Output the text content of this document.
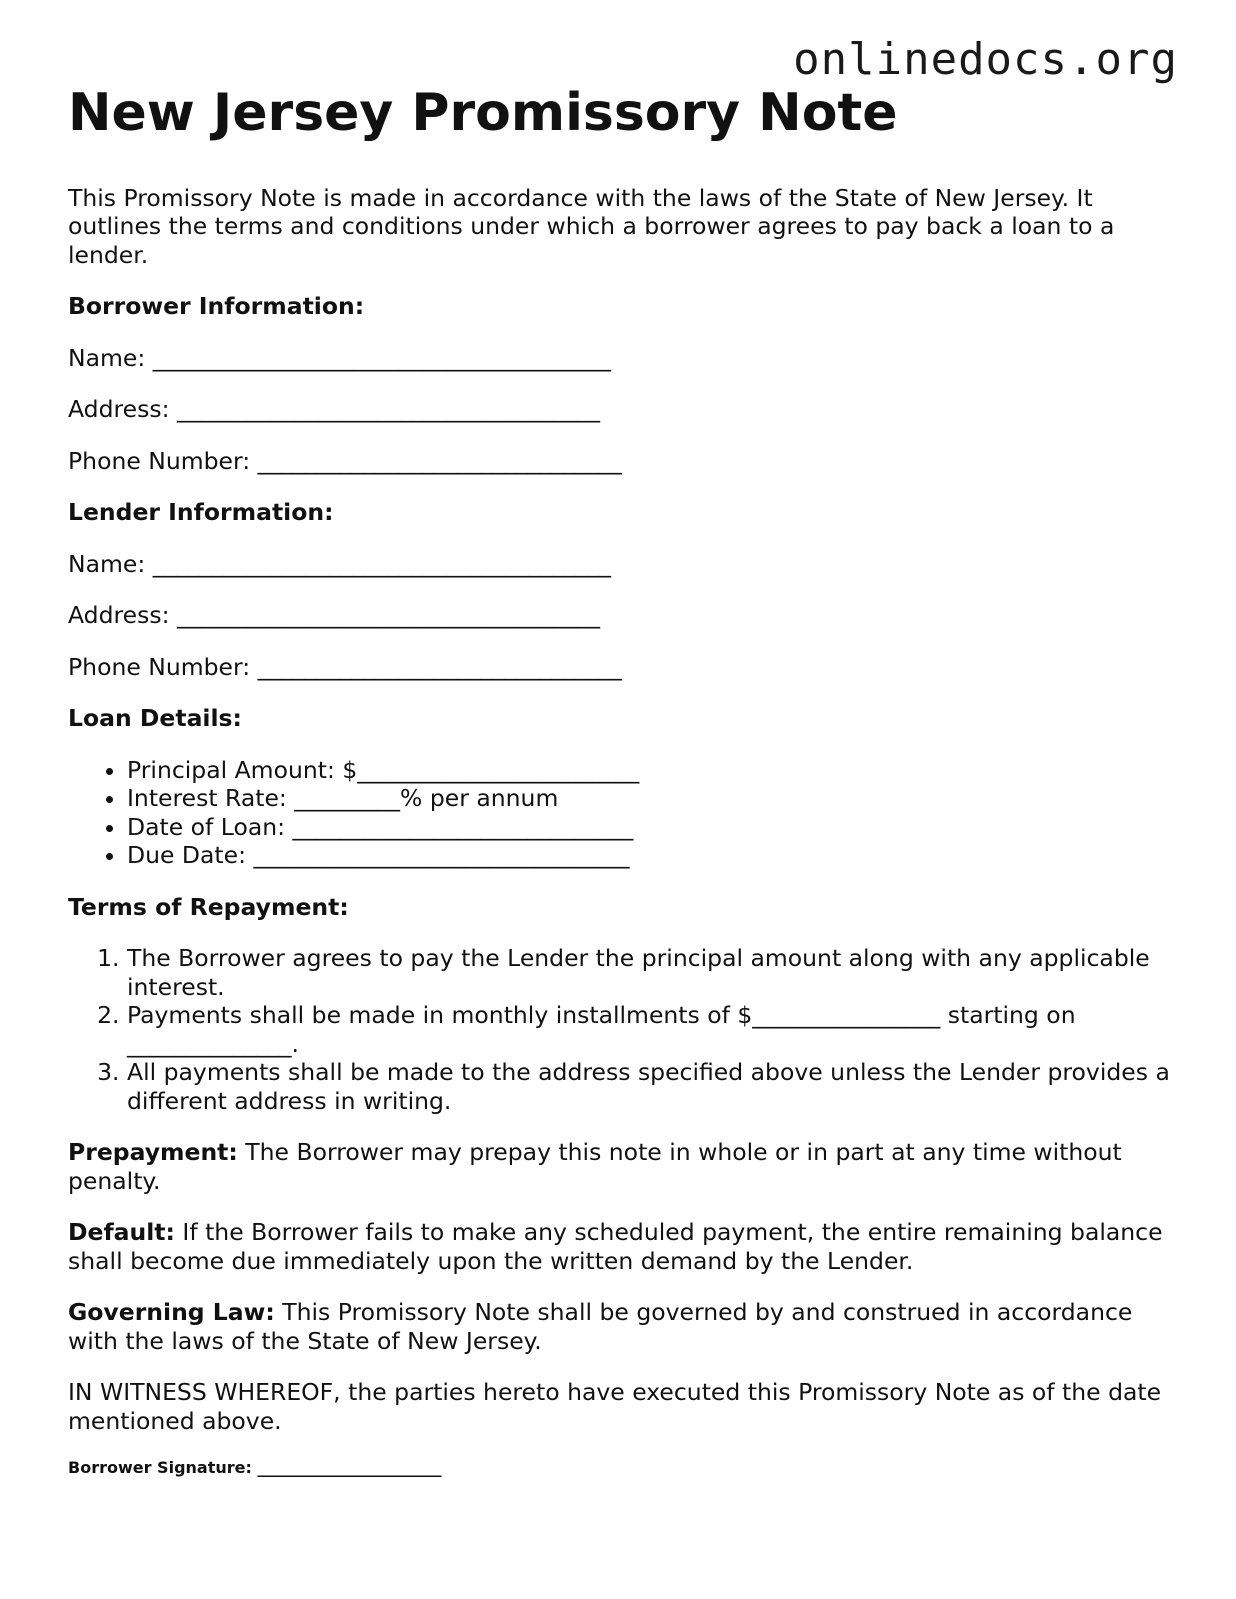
onlinedocs.org
New Jersey Promissory Note

This Promissory Note is made in accordance with the laws of the State of New Jersey. It outlines the terms and conditions under which a borrower agrees to pay back a loan to a lender.

Borrower Information:
Name: _______________________________________
Address: ____________________________________
Phone Number: _______________________________
Lender Information:
Name: _______________________________________
Address: ____________________________________
Phone Number: _______________________________
Loan Details:
• Principal Amount: $________________________
• Interest Rate: _________% per annum
• Date of Loan: _____________________________
• Due Date: ________________________________
Terms of Repayment:
1. The Borrower agrees to pay the Lender the principal amount along with any applicable interest.
2. Payments shall be made in monthly installments of $________________ starting on ______________.
3. All payments shall be made to the address specified above unless the Lender provides a different address in writing.

Prepayment: The Borrower may prepay this note in whole or in part at any time without penalty.

Default: If the Borrower fails to make any scheduled payment, the entire remaining balance shall become due immediately upon the written demand by the Lender.

Governing Law: This Promissory Note shall be governed by and construed in accordance with the laws of the State of New Jersey.

IN WITNESS WHEREOF, the parties hereto have executed this Promissory Note as of the date mentioned above.

Borrower Signature: _______________________
